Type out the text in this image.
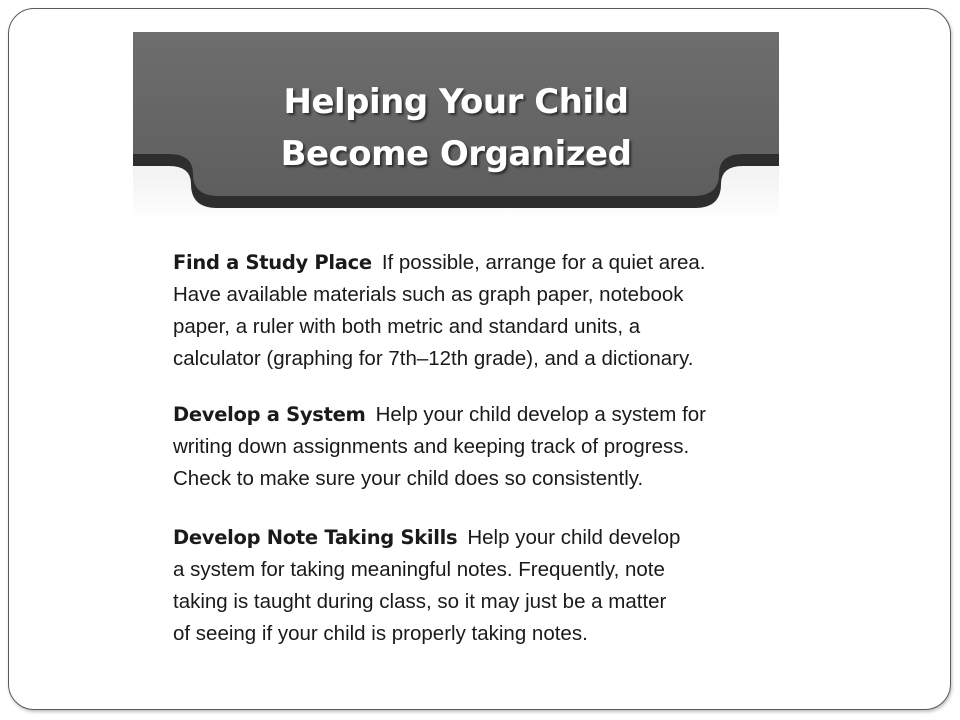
Helping Your Child
Become Organized
Find a Study Place If possible, arrange for a quiet area.
Have available materials such as graph paper, notebook
paper, a ruler with both metric and standard units, a
calculator (graphing for 7th–12th grade), and a dictionary.
Develop a System Help your child develop a system for
writing down assignments and keeping track of progress.
Check to make sure your child does so consistently.
Develop Note Taking Skills Help your child develop
a system for taking meaningful notes. Frequently, note
taking is taught during class, so it may just be a matter
of seeing if your child is properly taking notes.
